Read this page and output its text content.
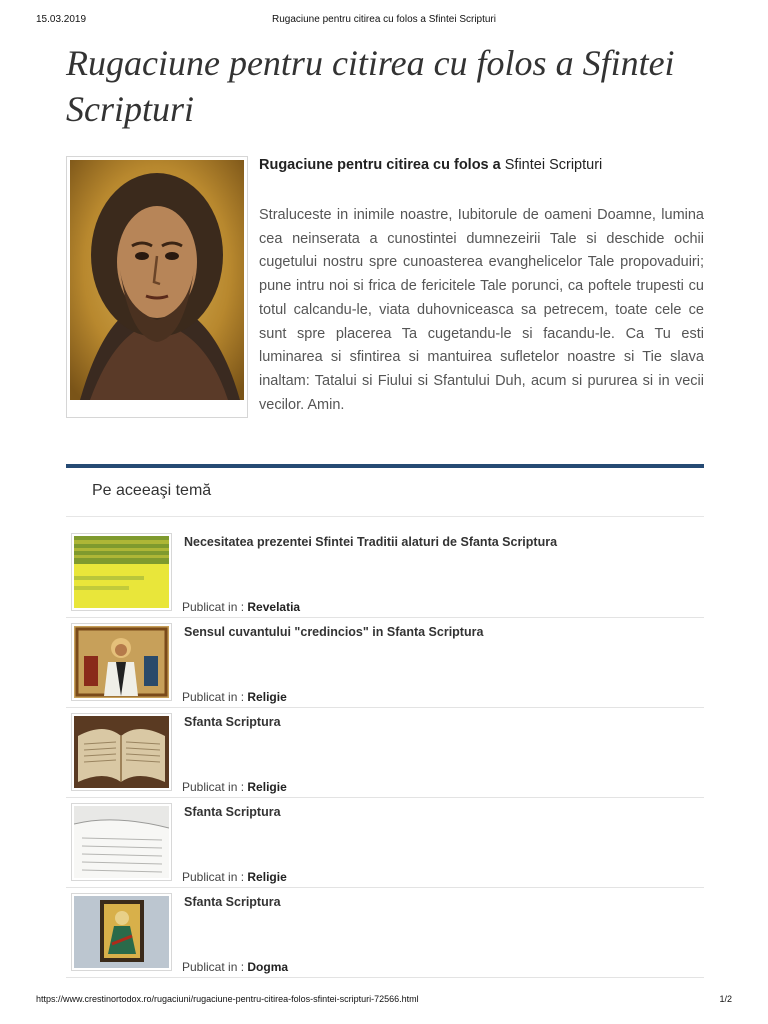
15.03.2019	Rugaciune pentru citirea cu folos a Sfintei Scripturi
Rugaciune pentru citirea cu folos a Sfintei Scripturi

Rugaciune pentru citirea cu folos a Sfintei Scripturi

Straluceste in inimile noastre, Iubitorule de oameni Doamne, lumina cea neinserata a cunostintei dumnezeirii Tale si deschide ochii cugetului nostru spre cunoasterea evanghelicelor Tale propovaduiri; pune intru noi si frica de fericitele Tale porunci, ca poftele trupesti cu totul calcandu-le, viata duhovniceasca sa petrecem, toate cele ce sunt spre placerea Ta cugetandu-le si facandu-le. Ca Tu esti luminarea si sfintirea si mantuirea sufletelor noastre si Tie slava inaltam: Tatalui si Fiului si Sfantului Duh, acum si pururea si in vecii vecilor. Amin.

Pe aceeaşi temă

Necesitatea prezentei Sfintei Traditii alaturi de Sfanta Scriptura

Publicat in : Revelatia

Sensul cuvantului "credincios" in Sfanta Scriptura

Publicat in : Religie

Sfanta Scriptura

Publicat in : Religie

Sfanta Scriptura

Publicat in : Religie

Sfanta Scriptura

Publicat in : Dogma
https://www.crestinortodox.ro/rugaciuni/rugaciune-pentru-citirea-folos-sfintei-scripturi-72566.html	1/2
